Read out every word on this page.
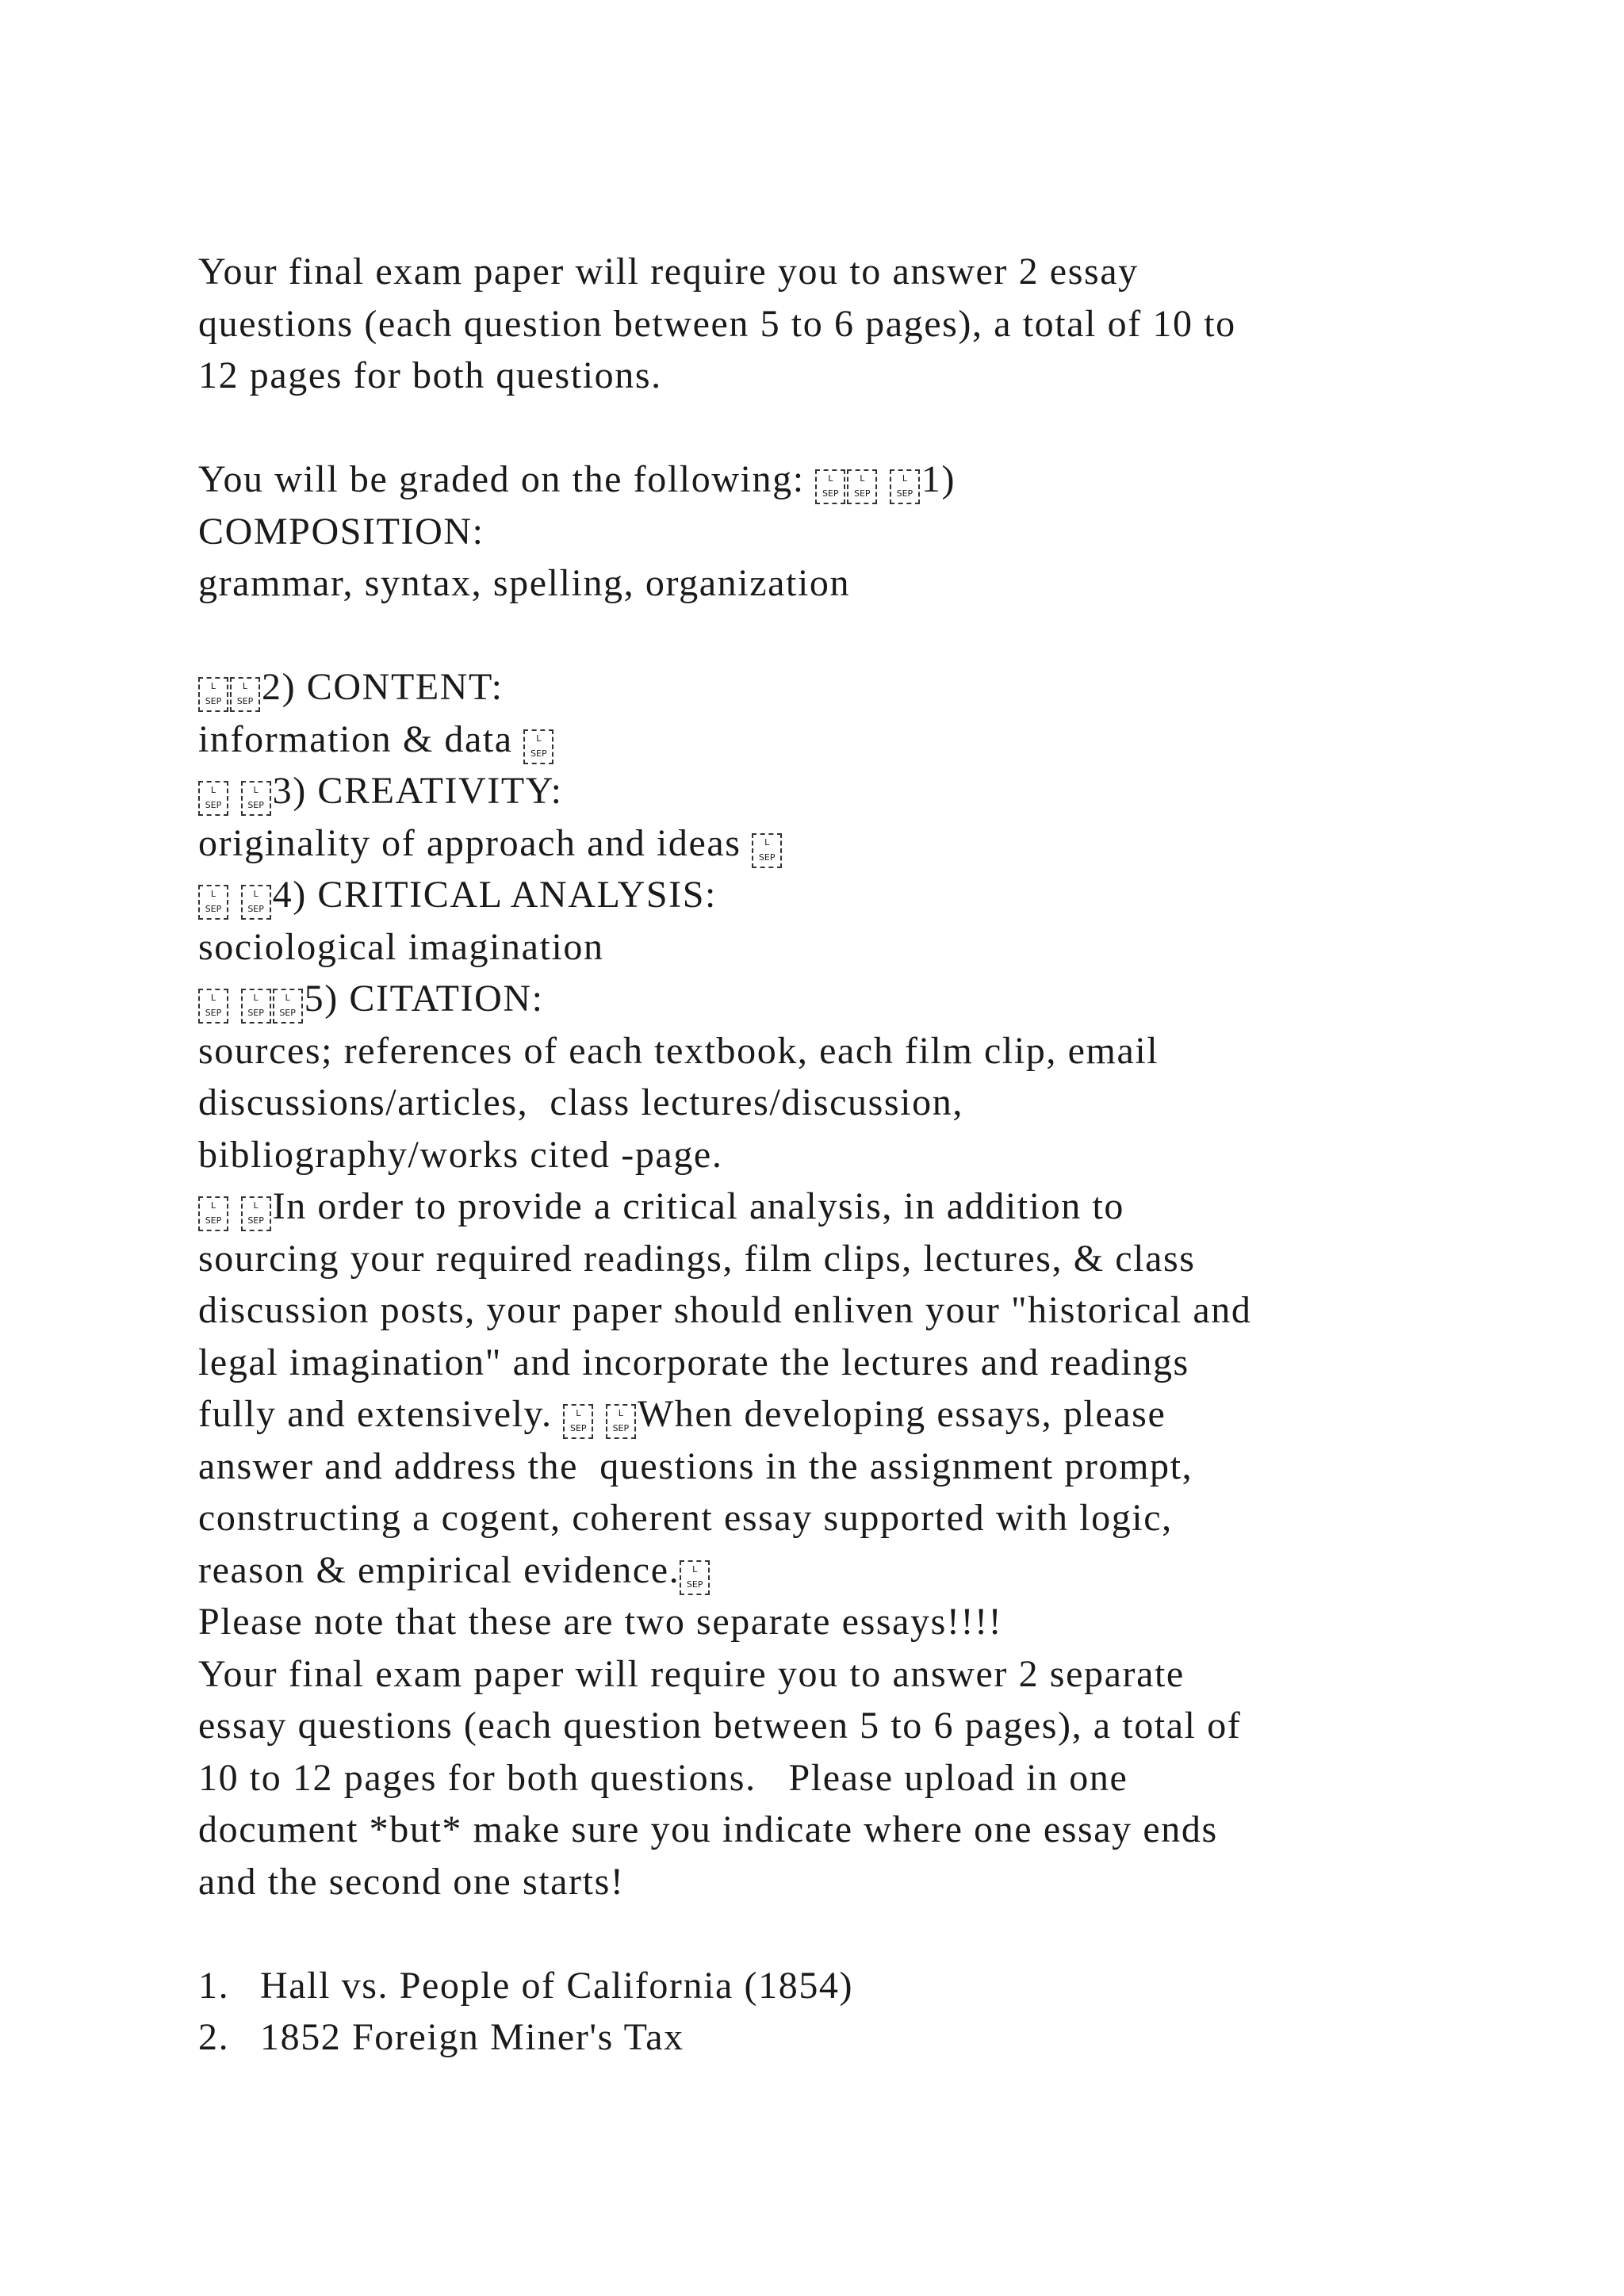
Your final exam paper will require you to answer 2 essay
questions (each question between 5 to 6 pages), a total of 10 to
12 pages for both questions.
You will be graded on the following:	L
SEP
L
SEP

L
SEP 1)
COMPOSITION:
grammar, syntax, spelling, organization
L
SEP
L
SEP 2) CONTENT:
information & data	L
SEP
L
SEP

L
SEP 3) CREATIVITY:
originality of approach and ideas	L
SEP
L
SEP

L
SEP 4) CRITICAL ANALYSIS:
sociological imagination
L
SEP

L
SEP
L
SEP 5) CITATION:
sources; references of each textbook, each film clip, email
discussions/articles,  class lectures/discussion,
bibliography/works cited -page.
L
SEP

L
SEP In order to provide a critical analysis, in addition to
sourcing your required readings, film clips, lectures, & class
discussion posts, your paper should enliven your "historical and
legal imagination" and incorporate the lectures and readings
fully and extensively.	L
SEP

L
SEP When developing essays, please
answer and address the  questions in the assignment prompt,
constructing a cogent, coherent essay supported with logic,
reason & empirical evidence.	L
SEP
Please note that these are two separate essays!!!!
Your final exam paper will require you to answer 2 separate
essay questions (each question between 5 to 6 pages), a total of
10 to 12 pages for both questions.   Please upload in one
document *but* make sure you indicate where one essay ends
and the second one starts!
1. Hall vs. People of California (1854)
2. 1852 Foreign Miner's Tax
